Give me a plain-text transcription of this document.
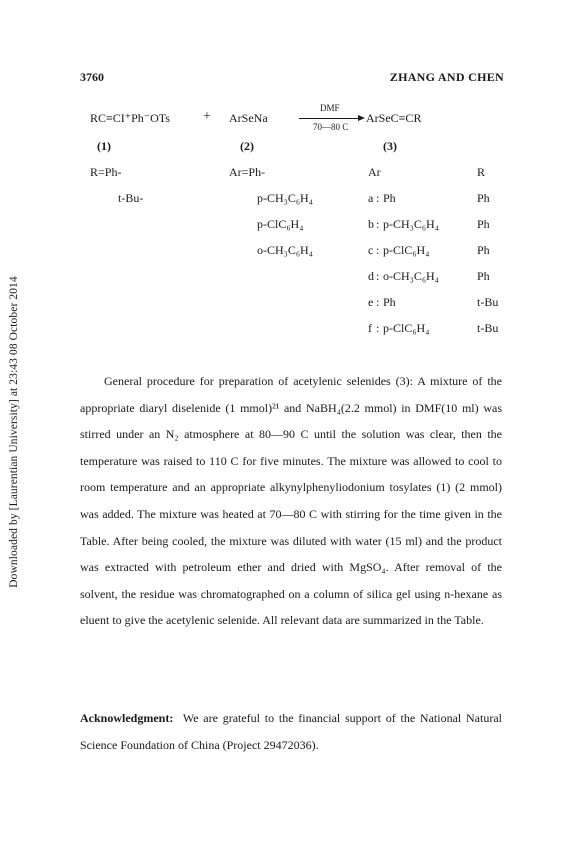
Downloaded by [Laurentian University] at 23:43 08 October 2014
3760	ZHANG AND CHEN
RC≡CI⁺Ph⁻OTs + ArSeNa
DMF
70—80 C
ArSeC≡CR
(1)	(2)	(3)
R=Ph-
t-Bu-
Ar=Ph-
p-CH₃C₆H₄
p-ClC₆H₄
o-CH₃C₆H₄
Ar	R
a : Ph	Ph
b : p-CH₃C₆H₄	Ph
c : p-ClC₆H₄	Ph
d : o-CH₃C₆H₄	Ph
e : Ph	t-Bu
f : p-ClC₆H₄	t-Bu

General procedure for preparation of acetylenic selenides (3): A mixture of the appropriate diaryl diselenide (1 mmol)²¹ and NaBH₄(2.2 mmol) in DMF(10 ml) was stirred under an N₂ atmosphere at 80—90 C until the solution was clear, then the temperature was raised to 110 C for five minutes. The mixture was allowed to cool to room temperature and an appropriate alkynylphenyliodonium tosylates (1) (2 mmol) was added. The mixture was heated at 70—80 C with stirring for the time given in the Table. After being cooled, the mixture was diluted with water (15 ml) and the product was extracted with petroleum ether and dried with MgSO₄. After removal of the solvent, the residue was chromatographed on a column of silica gel using n-hexane as eluent to give the acetylenic selenide. All relevant data are summarized in the Table.

Acknowledgment: We are grateful to the financial support of the National Natural Science Foundation of China (Project 29472036).
